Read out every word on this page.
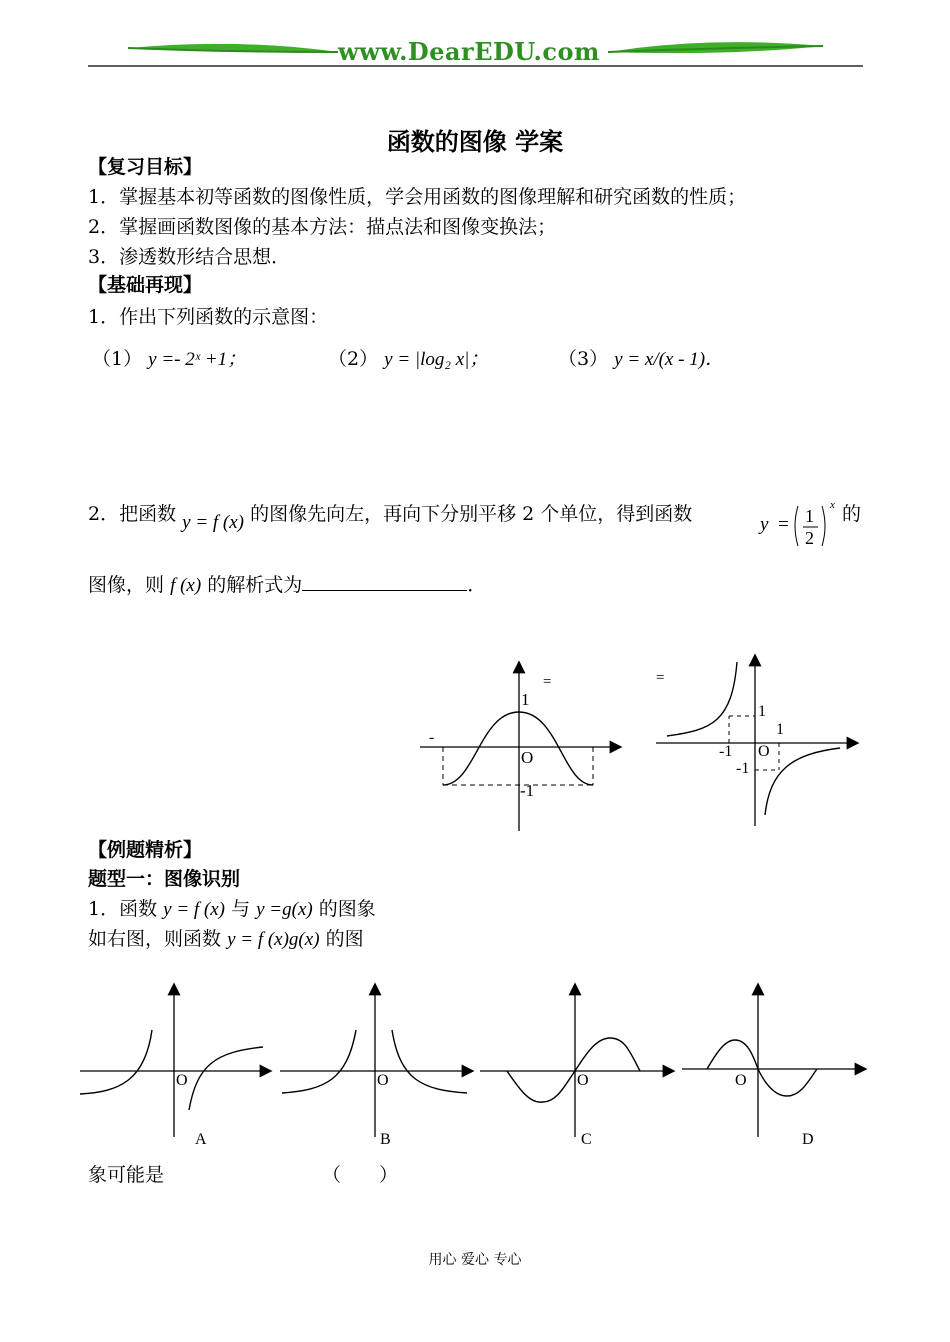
www.DearEDU.com
函数的图像 学案
【复习目标】
1．掌握基本初等函数的图像性质，学会用函数的图像理解和研究函数的性质；
2．掌握画函数图像的基本方法：描点法和图像变换法；
3．渗透数形结合思想．
【基础再现】
1．作出下列函数的示意图：
（1） y =- 2ˣ +1；	（2） y = |log₂ x|；	（3） y = x/(x - 1)．
2．把函数 y = f (x) 的图像先向左，再向下分别平移 2 个单位，得到函数	y = 1
2
x 的
图像，则 f (x) 的解析式为	．
1
O
-1
=
-
=
1
1
-1 O
-1
【例题精析】
题型一：图像识别
1．函数 y = f (x) 与 y =g(x) 的图象
如右图，则函数 y = f (x)g(x) 的图
O
A
O
B
O
C
O
D
象可能是	（　　）
用心 爱心 专心
